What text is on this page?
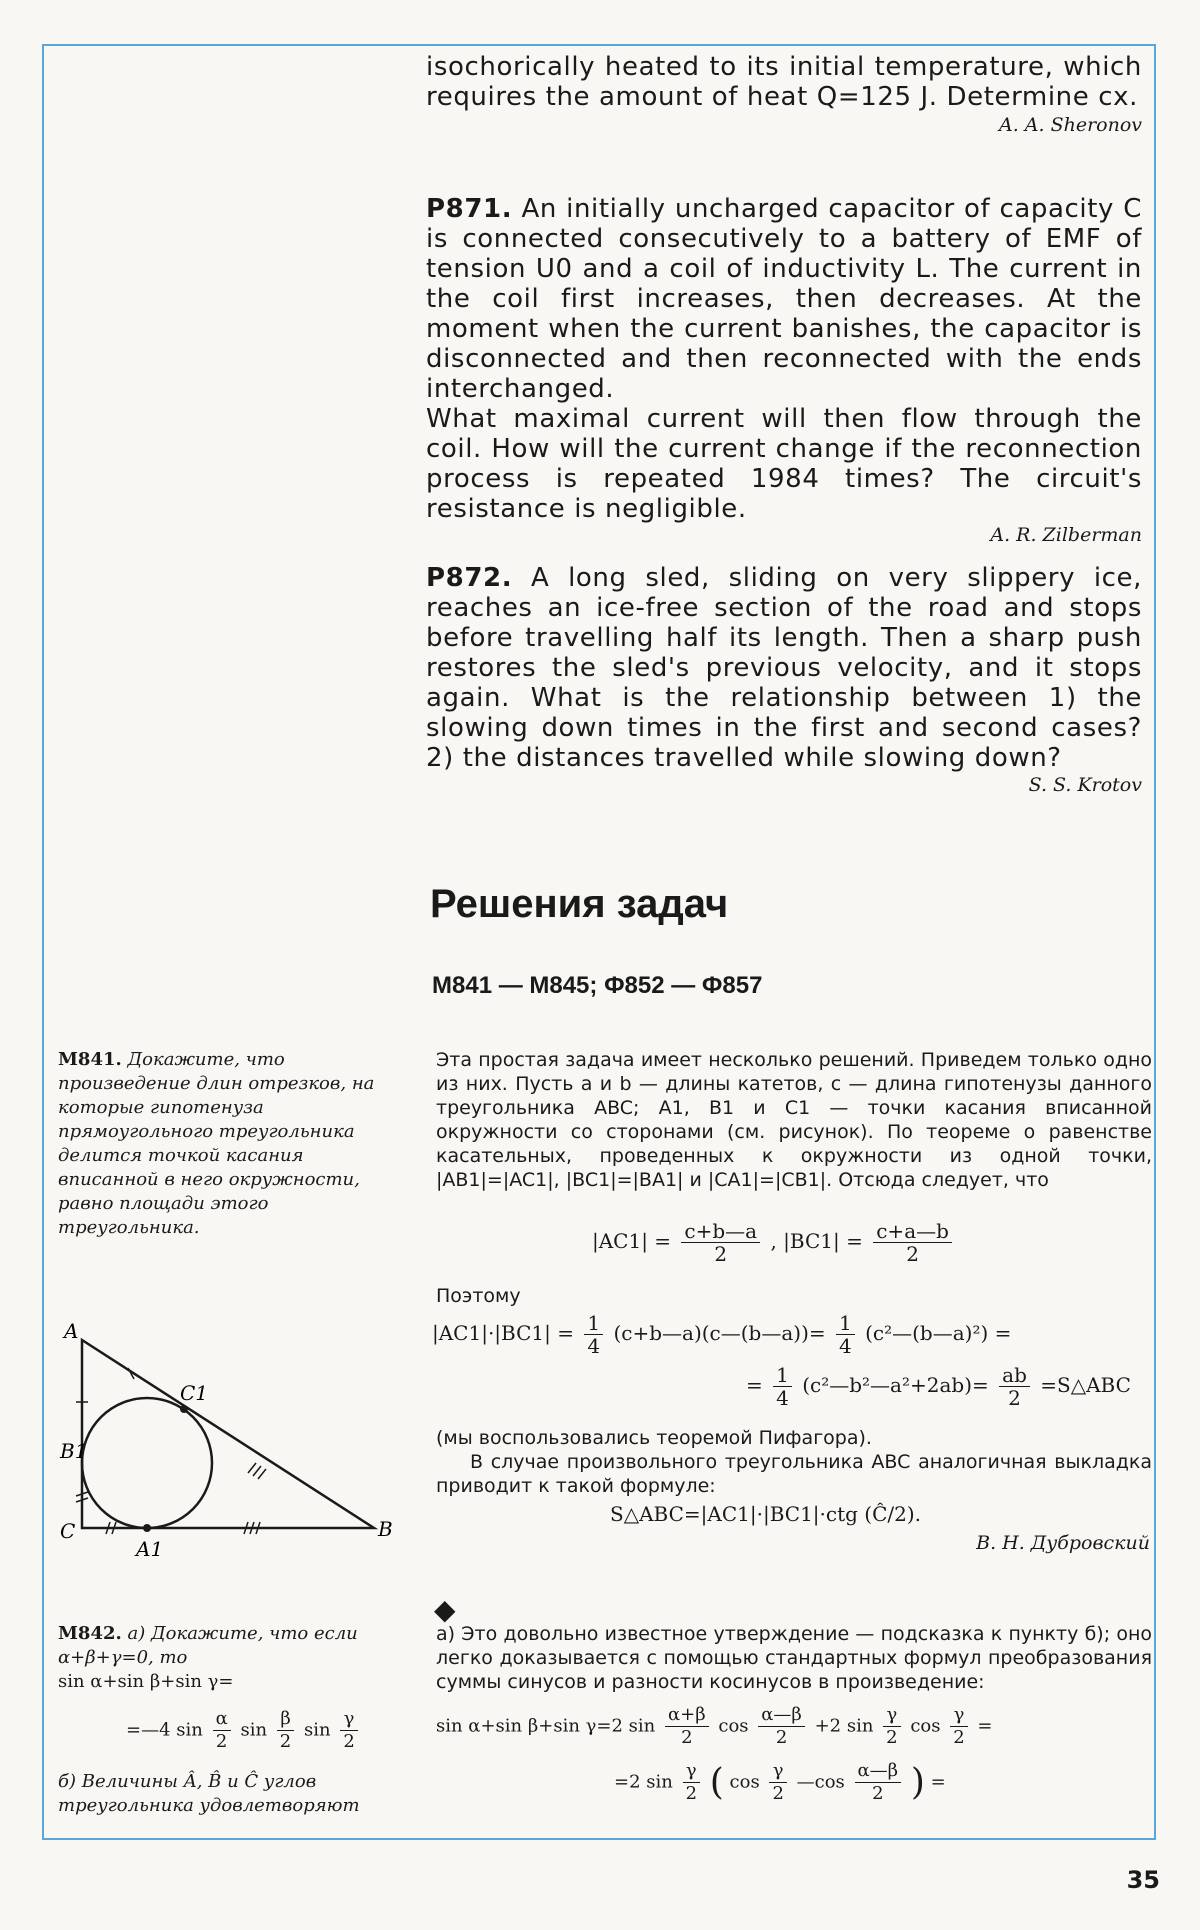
isochorically heated to its initial temperature, which requires the amount of heat Q=125 J. Determine cx.

A. A. Sheronov

P871. An initially uncharged capacitor of capacity C is connected consecutively to a battery of EMF of tension U0 and a coil of inductivity L. The current in the coil first increases, then decreases. At the moment when the current banishes, the capacitor is disconnected and then reconnected with the ends interchanged.

What maximal current will then flow through the coil. How will the current change if the reconnection process is repeated 1984 times? The circuit's resistance is negligible.

A. R. Zilberman

P872. A long sled, sliding on very slippery ice, reaches an ice-free section of the road and stops before travelling half its length. Then a sharp push restores the sled's previous velocity, and it stops again. What is the relationship between 1) the slowing down times in the first and second cases? 2) the distances travelled while slowing down?

S. S. Krotov
Решения задач
M841 — M845; Ф852 — Ф857
M841. Докажите, что произведение длин отрезков, на которые гипотенуза прямоугольного треугольника делится точкой касания вписанной в него окружности, равно площади этого треугольника.
A
B
C
A1
B1
C1

Эта простая задача имеет несколько решений. Приведем только одно из них. Пусть a и b — длины катетов, c — длина гипотенузы данного треугольника ABC; A1, B1 и C1 — точки касания вписанной окружности со сторонами (см. рисунок). По теореме о равенстве касательных, проведенных к окружности из одной точки, |AB1|=|AC1|, |BC1|=|BA1| и |CA1|=|CB1|. Отсюда следует, что

$|AC1| = \frac{c+b—a}{2}$ , $|BC1| = \frac{c+a—b}{2}$
Поэтому
$|AC1|\cdot|BC1| = \frac{1}{4}$ (c+b—a)(c—(b—a))= $\frac{1}{4}$ (c²—(b—a)²) =
= $\frac{1}{4}$ (c²—b²—a²+2ab)= $\frac{ab}{2}$ =S△ABC

(мы воспользовались теоремой Пифагора).

В случае произвольного треугольника ABC аналогичная выкладка приводит к такой формуле:

S△ABC=|AC1|·|BC1|·ctg (Ĉ/2).
В. Н. Дубровский
◆
M842. а) Докажите, что если α+β+γ=0, то
sin α+sin β+sin γ=
=—4 $\sin \frac{\alpha}{2}$ $\sin \frac{\beta}{2}$ $\sin \frac{\gamma}{2}$
б) Величины Â, B̂ и Ĉ углов треугольника удовлетворяют

а) Это довольно известное утверждение — подсказка к пункту б); оно легко доказывается с помощью стандартных формул преобразования суммы синусов и разности косинусов в произведение:

sin α+sin β+sin γ=2 $\sin \frac{\alpha+\beta}{2}$ $\cos \frac{\alpha—\beta}{2} +2$ $\sin \frac{\gamma}{2}$ $\cos \frac{\gamma}{2}$ =
=2 $\sin \frac{\gamma}{2}$ ( $\cos \frac{\gamma}{2}$ —cos $\frac{\alpha—\beta}{2}$ ) =
35
